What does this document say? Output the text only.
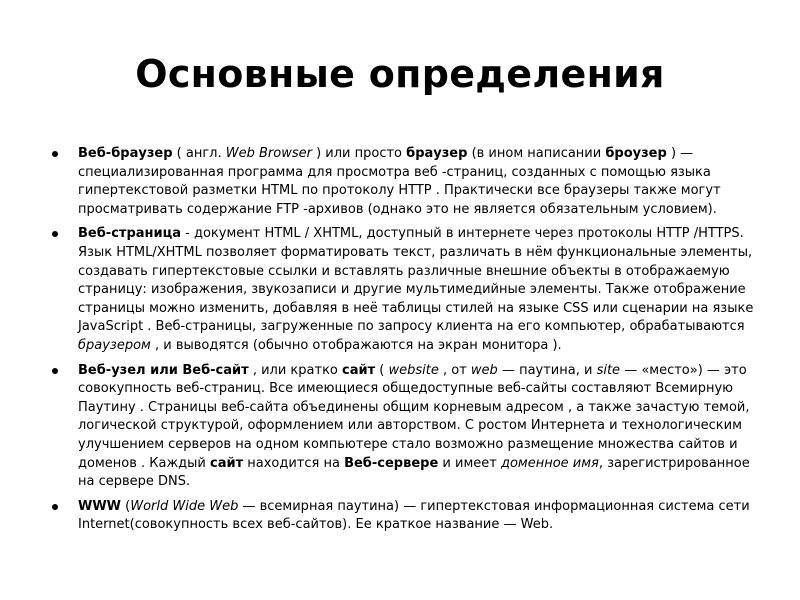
Основные определения
Веб-браузер ( англ. Web Browser ) или просто браузер (в ином написании броузер ) — специализированная программа для просмотра веб -страниц, созданных с помощью языка гипертекстовой разметки HTML по протоколу HTTP . Практически все браузеры также могут просматривать содержание FTP -архивов (однако это не является обязательным условием).
Веб-страница - документ HTML / XHTML, доступный в интернете через протоколы HTTP /HTTPS. Язык HTML/XHTML позволяет форматировать текст, различать в нём функциональные элементы, создавать гипертекстовые ссылки и вставлять различные внешние объекты в отображаемую страницу: изображения, звукозаписи и другие мультимедийные элементы. Также отображение страницы можно изменить, добавляя в неё таблицы стилей на языке CSS или сценарии на языке JavaScript . Веб-страницы, загруженные по запросу клиента на его компьютер, обрабатываются браузером , и выводятся (обычно отображаются на экран монитора ).
Веб-узел или Веб-сайт , или кратко сайт ( website , от web — паутина, и site — «место») — это совокупность веб-страниц. Все имеющиеся общедоступные веб-сайты составляют Всемирную Паутину . Страницы веб-сайта объединены общим корневым адресом , а также зачастую темой, логической структурой, оформлением или авторством. С ростом Интернета и технологическим улучшением серверов на одном компьютере стало возможно размещение множества сайтов и доменов . Каждый сайт находится на Веб-сервере и имеет доменное имя, зарегистрированное на сервере DNS.
WWW (World Wide Web — всемирная паутина) — гипертекстовая информационная система сети Internet(совокупность всех веб-сайтов). Ее краткое название — Web.
